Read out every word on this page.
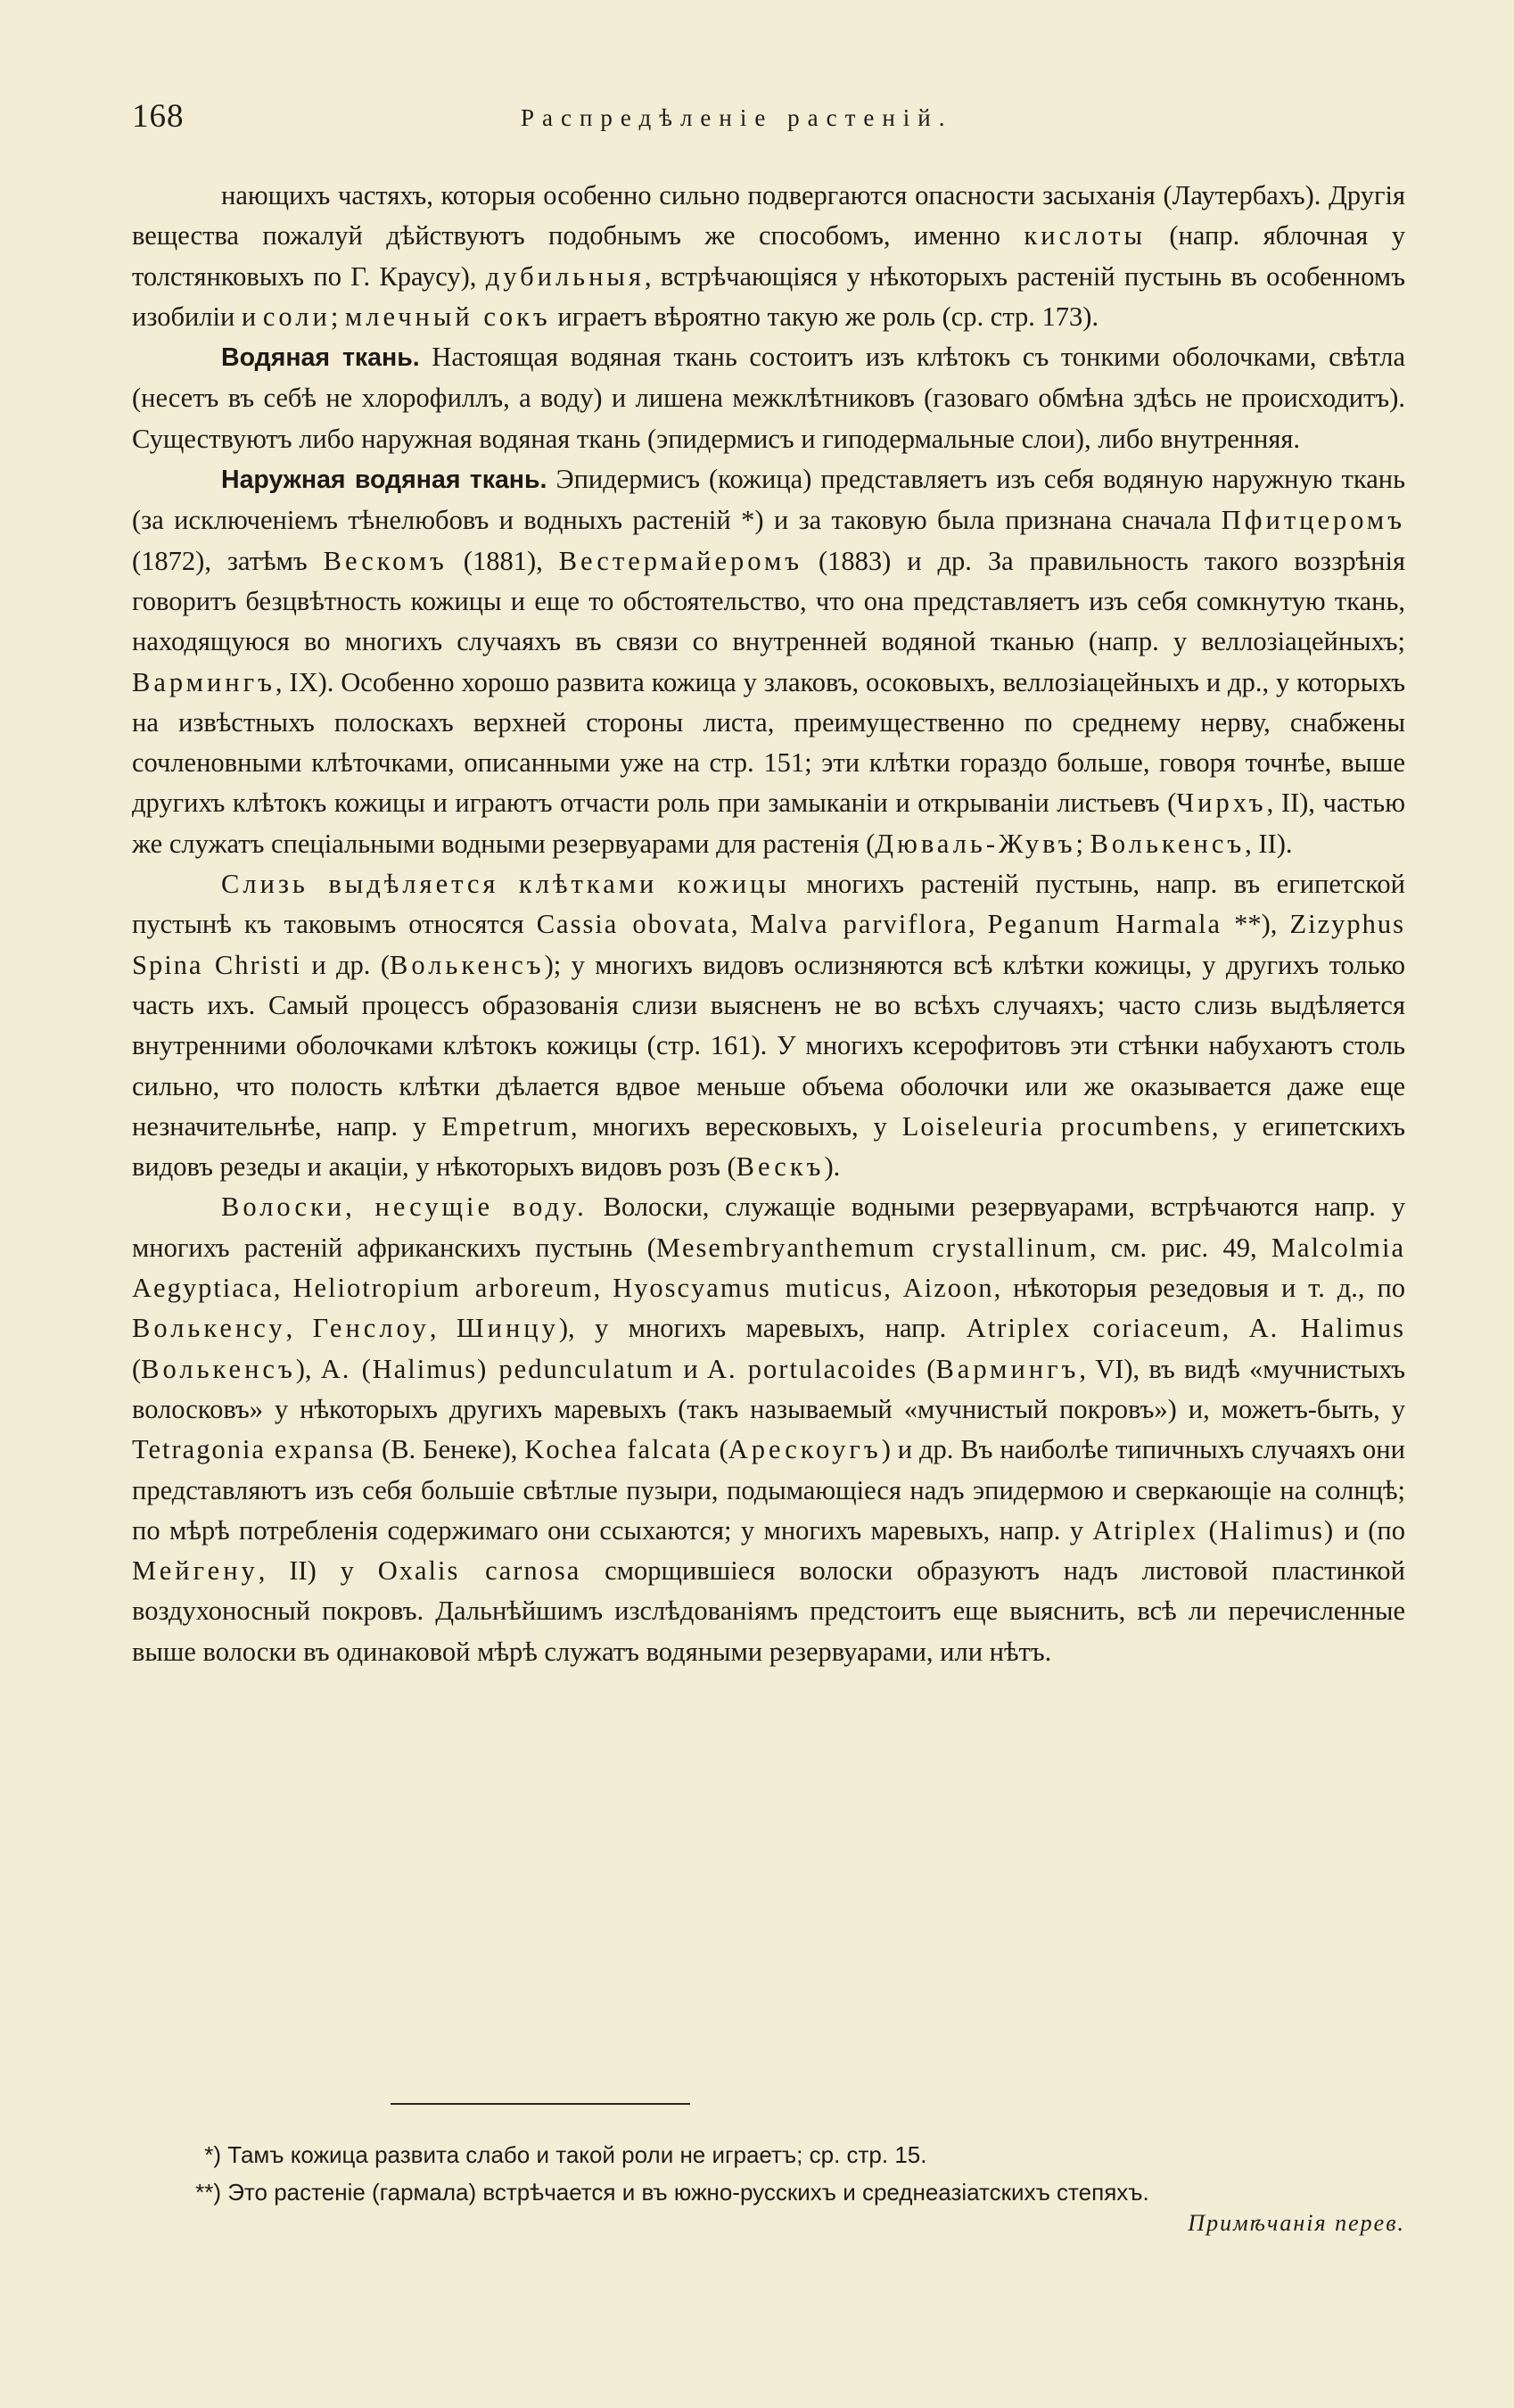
168	Распредѣленіе растеній.

нающихъ частяхъ, которыя особенно сильно подвергаются опасности засыханія (Лаутербахъ). Другія вещества пожалуй дѣйствуютъ подобнымъ же способомъ, именно кислоты (напр. яблочная у толстянковыхъ по Г. Краусу), дубильныя, встрѣчающіяся у нѣкоторыхъ растеній пустынь въ особенномъ изобиліи и соли; млечный сокъ играетъ вѣроятно такую же роль (ср. стр. 173).

Водяная ткань. Настоящая водяная ткань состоитъ изъ клѣтокъ съ тонкими оболочками, свѣтла (несетъ въ себѣ не хлорофиллъ, а воду) и лишена межклѣтниковъ (газоваго обмѣна здѣсь не происходитъ). Существуютъ либо наружная водяная ткань (эпидермисъ и гиподермальные слои), либо внутренняя.

Наружная водяная ткань. Эпидермисъ (кожица) представляетъ изъ себя водяную наружную ткань (за исключеніемъ тѣнелюбовъ и водныхъ растеній *) и за таковую была признана сначала Пфитцеромъ (1872), затѣмъ Вескомъ (1881), Вестермайеромъ (1883) и др. За правильность такого воззрѣнія говоритъ безцвѣтность кожицы и еще то обстоятельство, что она представляетъ изъ себя сомкнутую ткань, находящуюся во многихъ случаяхъ въ связи со внутренней водяной тканью (напр. у веллозіацейныхъ; Вармингъ, IX). Особенно хорошо развита кожица у злаковъ, осоковыхъ, веллозіацейныхъ и др., у которыхъ на извѣстныхъ полоскахъ верхней стороны листа, преимущественно по среднему нерву, снабжены сочленовными клѣточками, описанными уже на стр. 151; эти клѣтки гораздо больше, говоря точнѣе, выше другихъ клѣтокъ кожицы и играютъ отчасти роль при замыканіи и открываніи листьевъ (Чирхъ, II), частью же служатъ спеціальными водными резервуарами для растенія (Дюваль-Жувъ; Волькенсъ, II).

Слизь выдѣляется клѣтками кожицы многихъ растеній пустынь, напр. въ египетской пустынѣ къ таковымъ относятся Cassia obovata, Malva parviflora, Peganum Harmala **), Zizyphus Spina Christi и др. (Волькенсъ); у многихъ видовъ ослизняются всѣ клѣтки кожицы, у другихъ только часть ихъ. Самый процессъ образованія слизи выясненъ не во всѣхъ случаяхъ; часто слизь выдѣляется внутренними оболочками клѣтокъ кожицы (стр. 161). У многихъ ксерофитовъ эти стѣнки набухаютъ столь сильно, что полость клѣтки дѣлается вдвое меньше объема оболочки или же оказывается даже еще незначительнѣе, напр. у Empetrum, многихъ вересковыхъ, у Loiseleuria procumbens, у египетскихъ видовъ резеды и акаціи, у нѣкоторыхъ видовъ розъ (Вескъ).

Волоски, несущіе воду. Волоски, служащіе водными резервуарами, встрѣчаются напр. у многихъ растеній африканскихъ пустынь (Mesembryanthemum crystallinum, см. рис. 49, Malcolmia Aegyptiaca, Heliotropium arboreum, Hyoscyamus muticus, Aizoon, нѣкоторыя резедовыя и т. д., по Волькенсу, Генслоу, Шинцу), у многихъ маревыхъ, напр. Atriplex coriaceum, A. Halimus (Волькенсъ), A. (Halimus) pedunculatum и A. portulacoides (Вармингъ, VI), въ видѣ «мучнистыхъ волосковъ» у нѣкоторыхъ другихъ маревыхъ (такъ называемый «мучнистый покровъ») и, можетъ-быть, у Tetragonia expansa (В. Бенеке), Kochea falcata (Арескоугъ) и др. Въ наиболѣе типичныхъ случаяхъ они представляютъ изъ себя большіе свѣтлые пузыри, подымающіеся надъ эпидермою и сверкающіе на солнцѣ; по мѣрѣ потребленія содержимаго они ссыхаются; у многихъ маревыхъ, напр. у Atriplex (Halimus) и (по Мейгену, II) у Oxalis carnosa сморщившіеся волоски образуютъ надъ листовой пластинкой воздухоносный покровъ. Дальнѣйшимъ изслѣдованіямъ предстоитъ еще выяснить, всѣ ли перечисленные выше волоски въ одинаковой мѣрѣ служатъ водяными резервуарами, или нѣтъ.

*) Тамъ кожица развита слабо и такой роли не играетъ; ср. стр. 15.

**) Это растеніе (гармала) встрѣчается и въ южно-русскихъ и среднеазіатскихъ степяхъ.

Примѣчанія перев.
